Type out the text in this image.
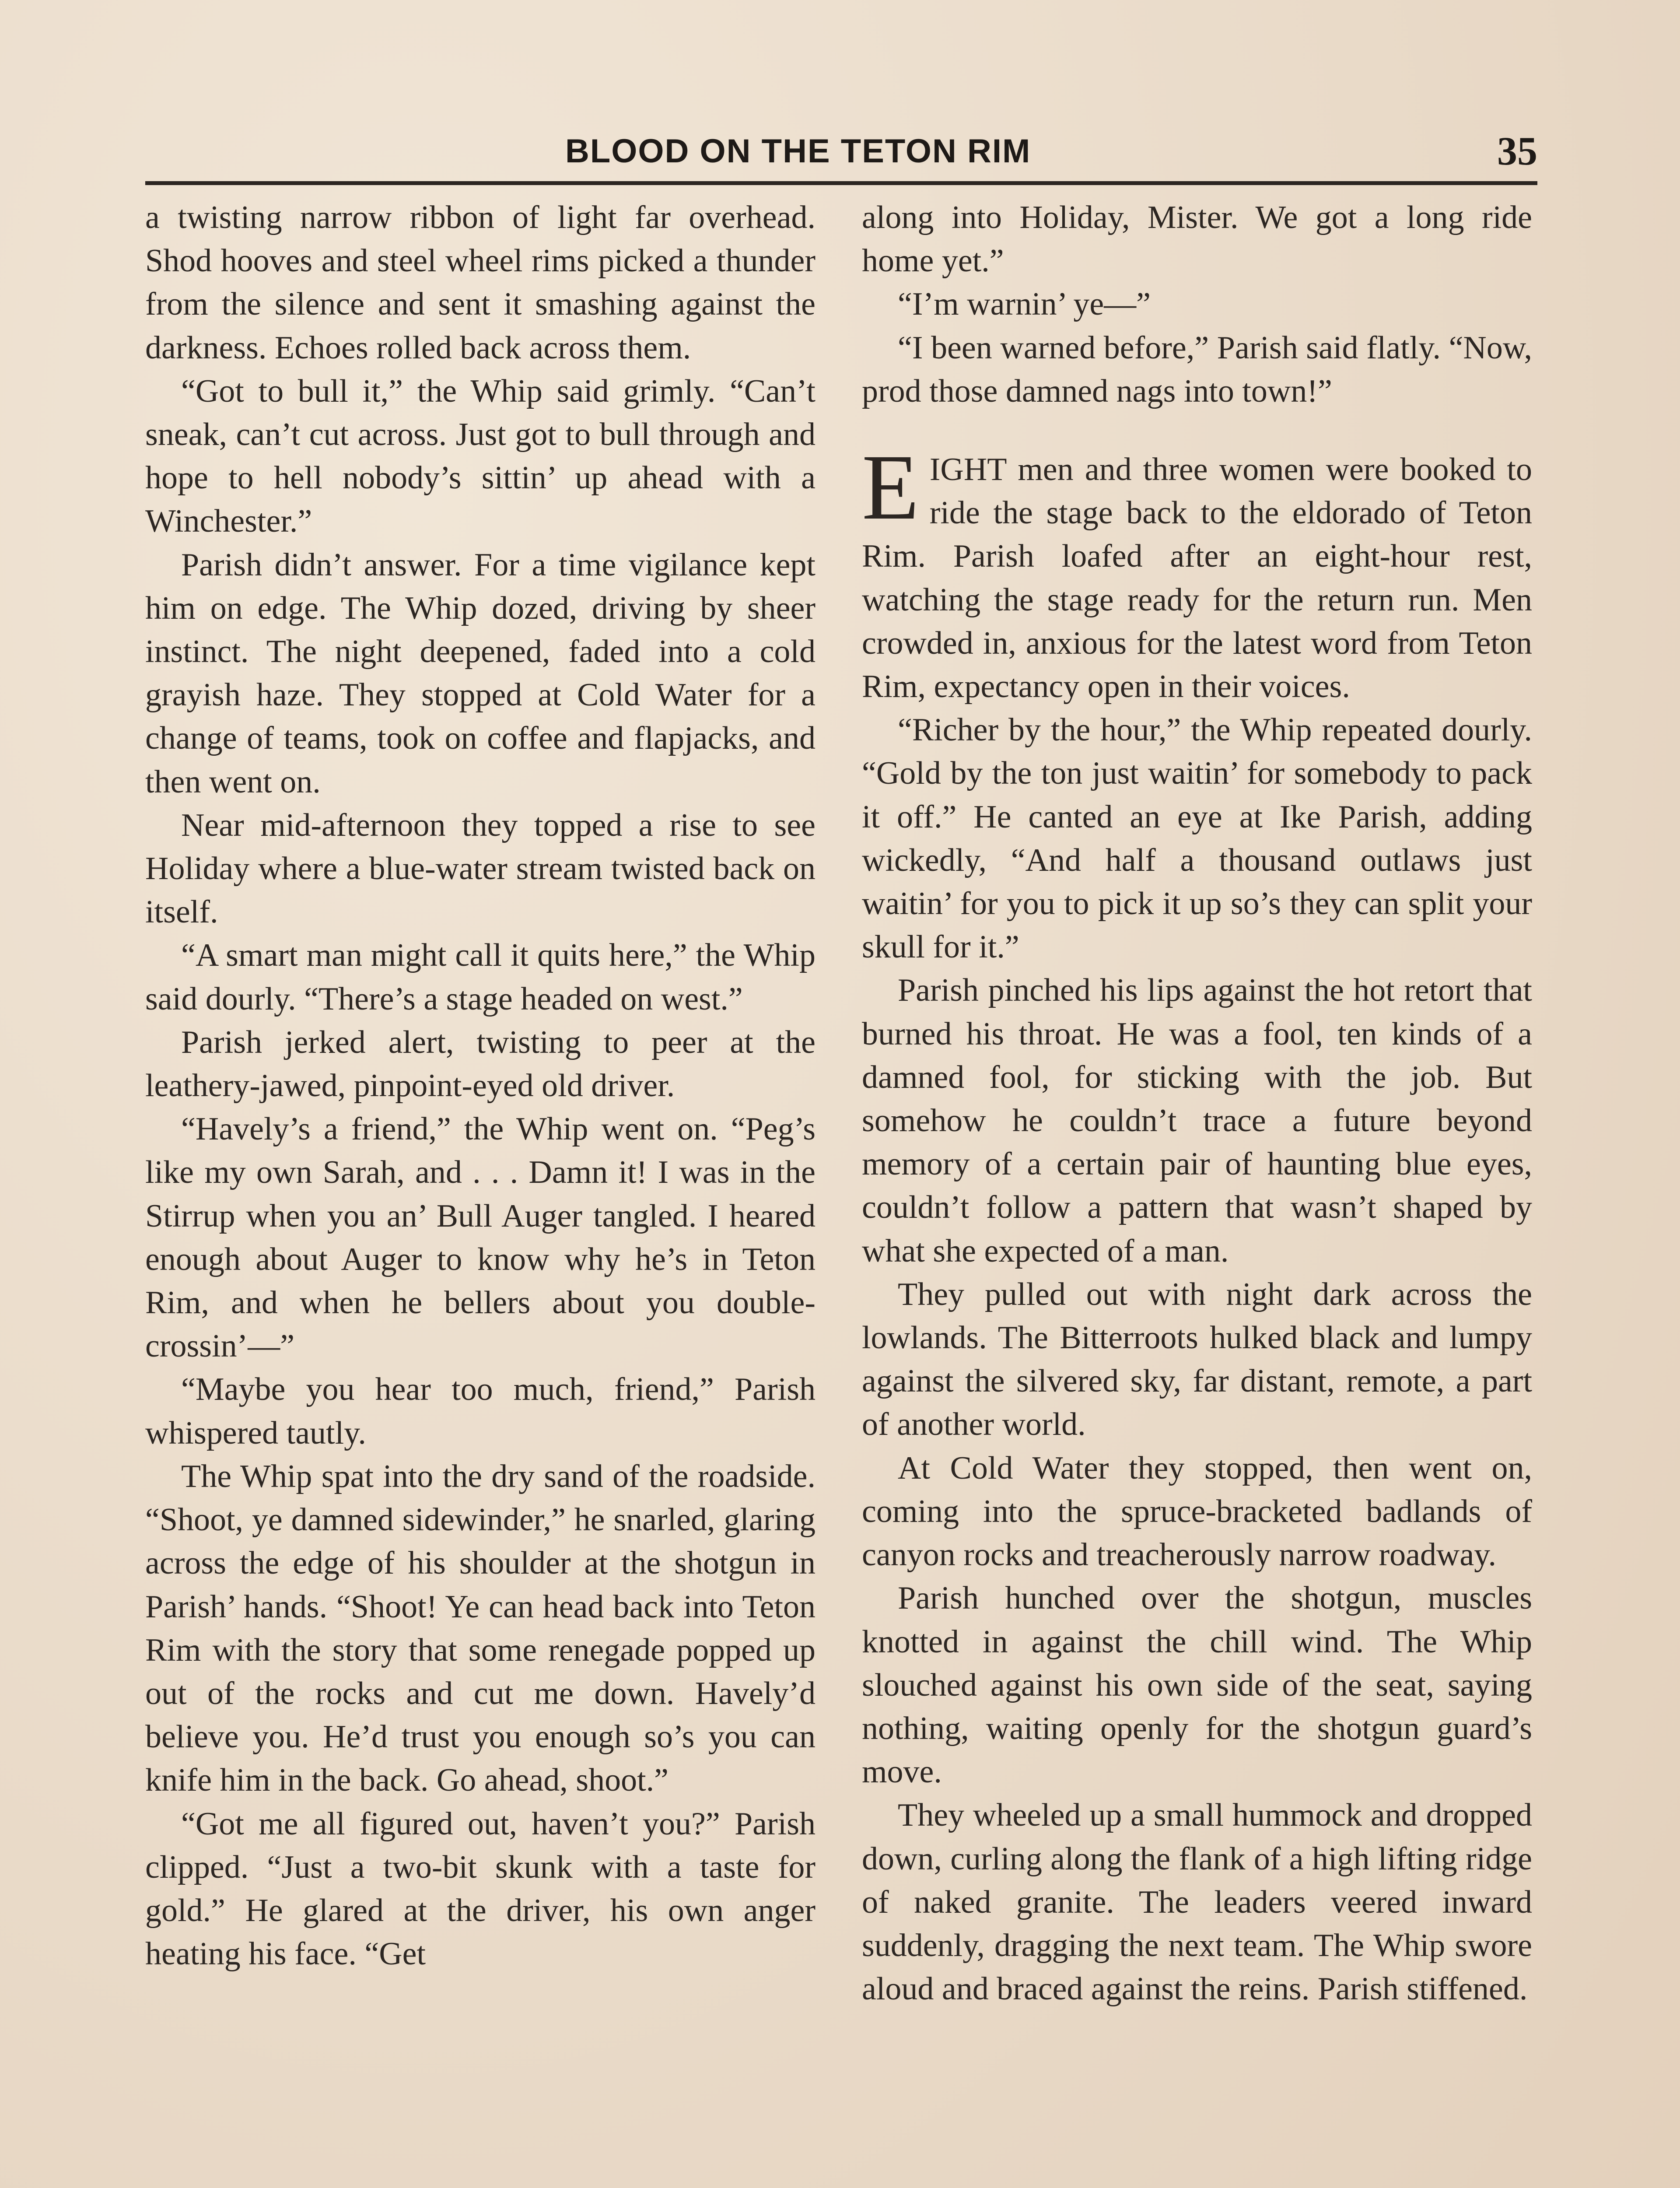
BLOOD ON THE TETON RIM	35

a twisting narrow ribbon of light far overhead. Shod hooves and steel wheel rims picked a thunder from the silence and sent it smashing against the darkness. Echoes rolled back across them.

“Got to bull it,” the Whip said grimly. “Can’t sneak, can’t cut across. Just got to bull through and hope to hell nobody’s sittin’ up ahead with a Winchester.”

Parish didn’t answer. For a time vigilance kept him on edge. The Whip dozed, driving by sheer instinct. The night deepened, faded into a cold grayish haze. They stopped at Cold Water for a change of teams, took on coffee and flapjacks, and then went on.

Near mid-afternoon they topped a rise to see Holiday where a blue-water stream twisted back on itself.

“A smart man might call it quits here,” the Whip said dourly. “There’s a stage headed on west.”

Parish jerked alert, twisting to peer at the leathery-jawed, pinpoint-eyed old driver.

“Havely’s a friend,” the Whip went on. “Peg’s like my own Sarah, and . . . Damn it! I was in the Stirrup when you an’ Bull Auger tangled. I heared enough about Auger to know why he’s in Teton Rim, and when he bellers about you double-crossin’—”

“Maybe you hear too much, friend,” Parish whispered tautly.

The Whip spat into the dry sand of the roadside. “Shoot, ye damned sidewinder,” he snarled, glaring across the edge of his shoulder at the shotgun in Parish’ hands. “Shoot! Ye can head back into Teton Rim with the story that some renegade popped up out of the rocks and cut me down. Havely’d believe you. He’d trust you enough so’s you can knife him in the back. Go ahead, shoot.”

“Got me all figured out, haven’t you?” Parish clipped. “Just a two-bit skunk with a taste for gold.” He glared at the driver, his own anger heating his face. “Get

along into Holiday, Mister. We got a long ride home yet.”

“I’m warnin’ ye—”

“I been warned before,” Parish said flatly. “Now, prod those damned nags into town!”

EIGHT men and three women were booked to ride the stage back to the eldorado of Teton Rim. Parish loafed after an eight-hour rest, watching the stage ready for the return run. Men crowded in, anxious for the latest word from Teton Rim, expectancy open in their voices.

“Richer by the hour,” the Whip repeated dourly. “Gold by the ton just waitin’ for somebody to pack it off.” He canted an eye at Ike Parish, adding wickedly, “And half a thousand outlaws just waitin’ for you to pick it up so’s they can split your skull for it.”

Parish pinched his lips against the hot retort that burned his throat. He was a fool, ten kinds of a damned fool, for sticking with the job. But somehow he couldn’t trace a future beyond memory of a certain pair of haunting blue eyes, couldn’t follow a pattern that wasn’t shaped by what she expected of a man.

They pulled out with night dark across the lowlands. The Bitterroots hulked black and lumpy against the silvered sky, far distant, remote, a part of another world.

At Cold Water they stopped, then went on, coming into the spruce-bracketed badlands of canyon rocks and treacherously narrow roadway.

Parish hunched over the shotgun, muscles knotted in against the chill wind. The Whip slouched against his own side of the seat, saying nothing, waiting openly for the shotgun guard’s move.

They wheeled up a small hummock and dropped down, curling along the flank of a high lifting ridge of naked granite. The leaders veered inward suddenly, dragging the next team. The Whip swore aloud and braced against the reins. Parish stiffened.
